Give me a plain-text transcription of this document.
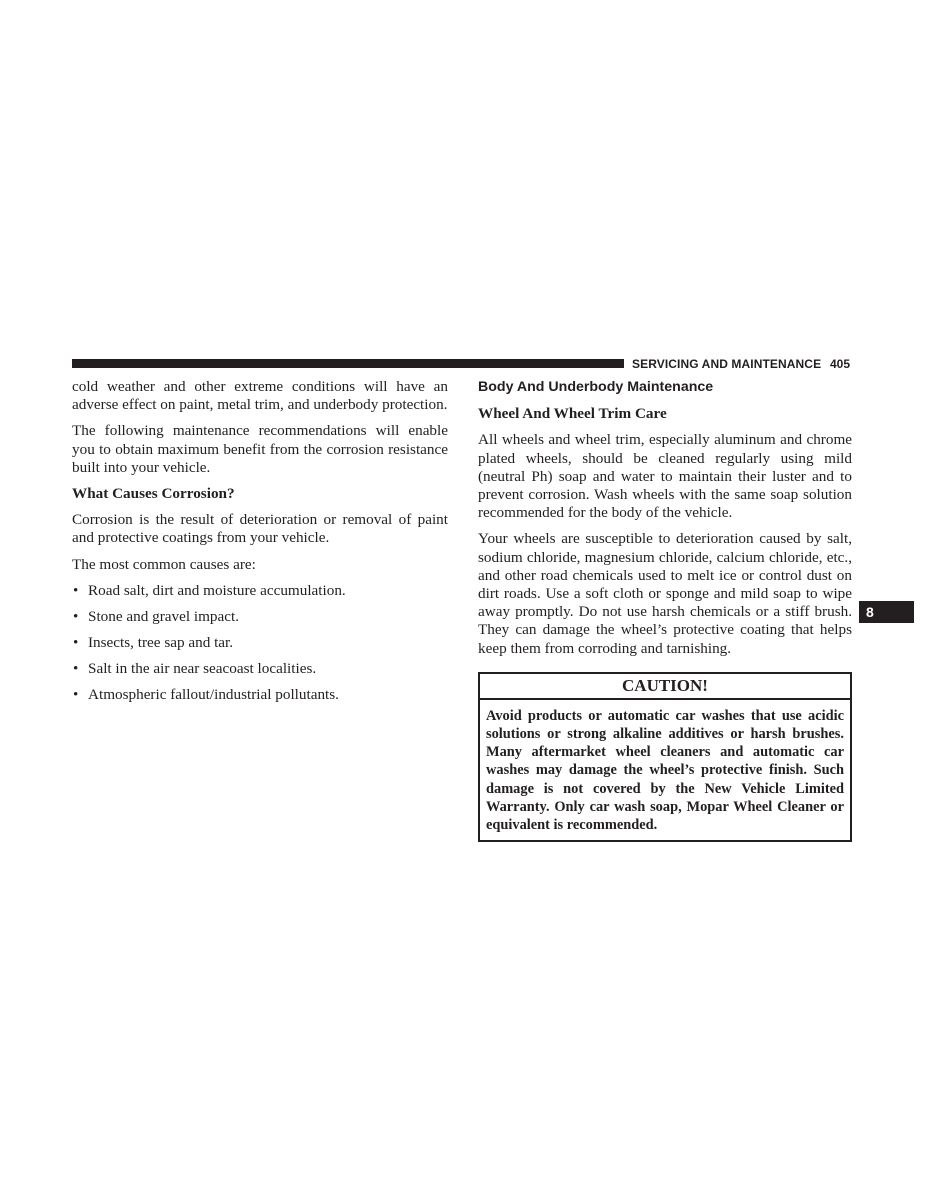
SERVICING AND MAINTENANCE 405

cold weather and other extreme conditions will have an adverse effect on paint, metal trim, and underbody protection.

The following maintenance recommendations will enable you to obtain maximum benefit from the corrosion resistance built into your vehicle.

What Causes Corrosion?

Corrosion is the result of deterioration or removal of paint and protective coatings from your vehicle.

The most common causes are:

• Road salt, dirt and moisture accumulation.
• Stone and gravel impact.
• Insects, tree sap and tar.
• Salt in the air near seacoast localities.
• Atmospheric fallout/industrial pollutants.

Body And Underbody Maintenance

Wheel And Wheel Trim Care

All wheels and wheel trim, especially aluminum and chrome plated wheels, should be cleaned regularly using mild (neutral Ph) soap and water to maintain their luster and to prevent corrosion. Wash wheels with the same soap solution recommended for the body of the vehicle.

Your wheels are susceptible to deterioration caused by salt, sodium chloride, magnesium chloride, calcium chloride, etc., and other road chemicals used to melt ice or control dust on dirt roads. Use a soft cloth or sponge and mild soap to wipe away promptly. Do not use harsh chemicals or a stiff brush. They can damage the wheel’s protective coating that helps keep them from corroding and tarnishing.

CAUTION!
Avoid products or automatic car washes that use acidic solutions or strong alkaline additives or harsh brushes. Many aftermarket wheel cleaners and automatic car washes may damage the wheel’s protective finish. Such damage is not covered by the New Vehicle Limited Warranty. Only car wash soap, Mopar Wheel Cleaner or equivalent is recommended.
8
